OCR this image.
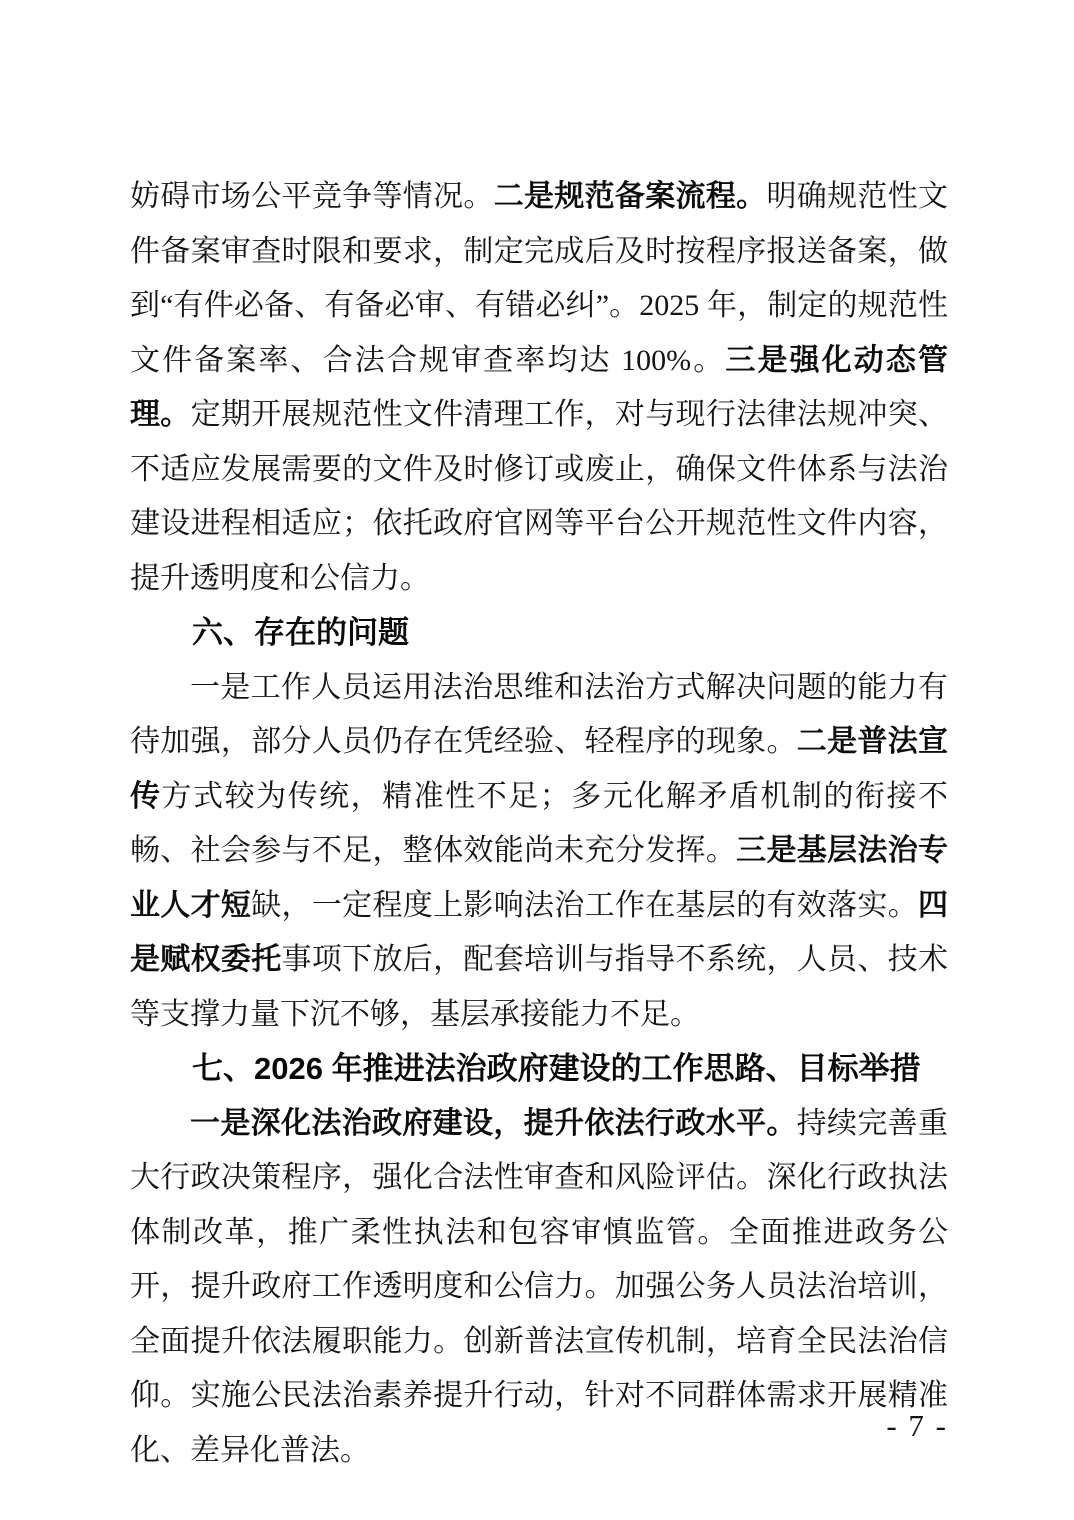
妨碍市场公平竞争等情况。二是规范备案流程。明确规范性文件备案审查时限和要求，制定完成后及时按程序报送备案，做到“有件必备、有备必审、有错必纠”。2025 年，制定的规范性文件备案率、合法合规审查率均达 100%。三是强化动态管理。定期开展规范性文件清理工作，对与现行法律法规冲突、不适应发展需要的文件及时修订或废止，确保文件体系与法治建设进程相适应；依托政府官网等平台公开规范性文件内容，提升透明度和公信力。

六、存在的问题

一是工作人员运用法治思维和法治方式解决问题的能力有待加强，部分人员仍存在凭经验、轻程序的现象。二是普法宣传方式较为传统，精准性不足；多元化解矛盾机制的衔接不畅、社会参与不足，整体效能尚未充分发挥。三是基层法治专业人才短缺，一定程度上影响法治工作在基层的有效落实。四是赋权委托事项下放后，配套培训与指导不系统，人员、技术等支撑力量下沉不够，基层承接能力不足。

七、2026 年推进法治政府建设的工作思路、目标举措

一是深化法治政府建设，提升依法行政水平。持续完善重大行政决策程序，强化合法性审查和风险评估。深化行政执法体制改革，推广柔性执法和包容审慎监管。全面推进政务公开，提升政府工作透明度和公信力。加强公务人员法治培训，全面提升依法履职能力。创新普法宣传机制，培育全民法治信仰。实施公民法治素养提升行动，针对不同群体需求开展精准化、差异化普法。

- 7 -
